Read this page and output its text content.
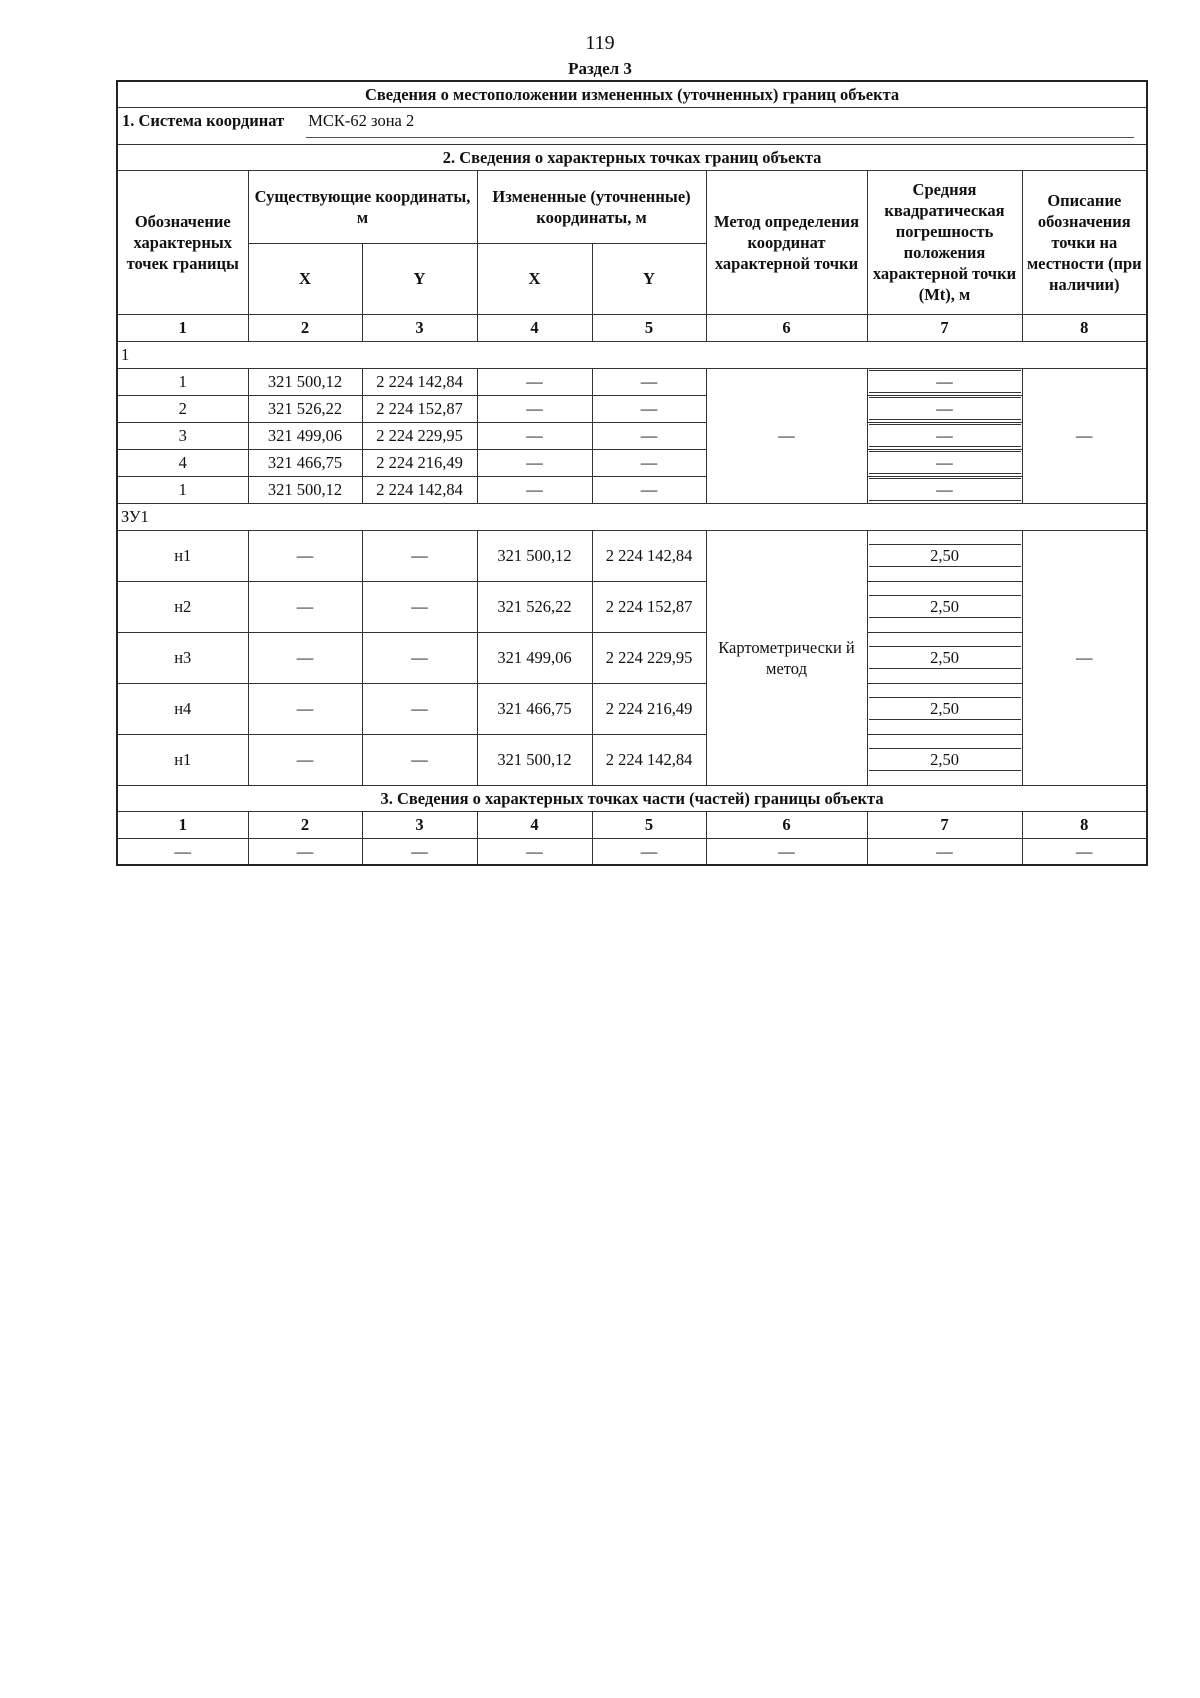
119
Раздел 3
Сведения о местоположении измененных (уточненных) границ объекта							

1. Система координат МСК-62 зона 2							

2. Сведения о характерных точках границ объекта							
Обозначение характерных точек границы	Существующие координаты, м		Измененные (уточненные) координаты, м		Метод определения координат характерной точки	Средняя квадратическая погрешность положения характерной точки (Mt), м	Описание обозначения точки на местности (при наличии)
	X	Y	X	Y			
1	2	3	4	5	6	7	8
1							
1	321 500,12	2 224 142,84	—	—	—	—	—
2	321 526,22	2 224 152,87	—	—		—	

3	321 499,06	2 224 229,95	—	—		—	

4	321 466,75	2 224 216,49	—	—		—	

1	321 500,12	2 224 142,84	—	—		—	

ЗУ1							
н1	—	—	321 500,12	2 224 142,84	Картометрически й метод	2,50	—
н2	—	—	321 526,22	2 224 152,87		2,50	

н3	—	—	321 499,06	2 224 229,95		2,50	

н4	—	—	321 466,75	2 224 216,49		2,50	

н1	—	—	321 500,12	2 224 142,84		2,50	

3. Сведения о характерных точках части (частей) границы объекта							
1	2	3	4	5	6	7	8
—	—	—	—	—	—	—	—
